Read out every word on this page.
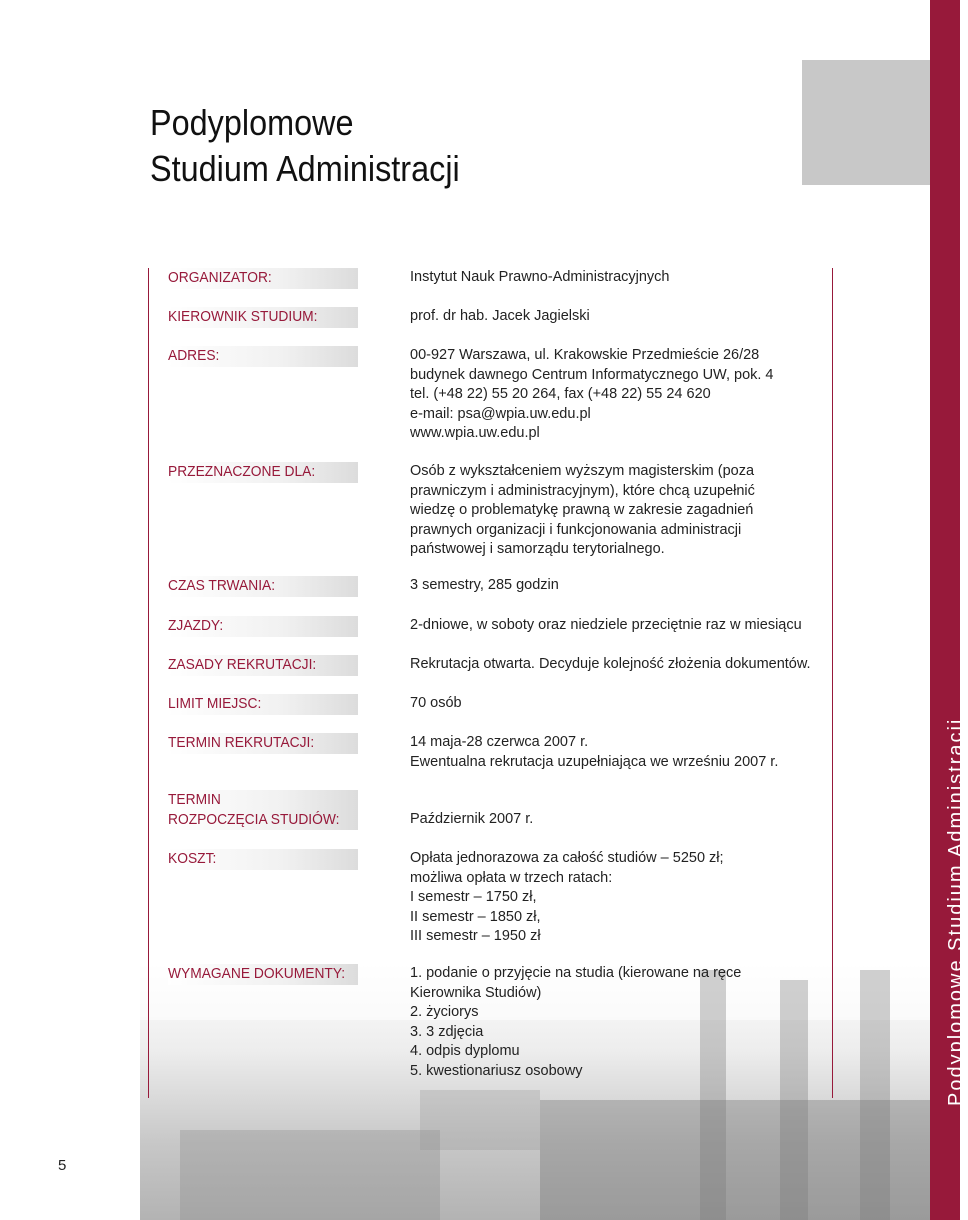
Podyplomowe Studium Administracji
Podyplomowe
Studium Administracji
ORGANIZATOR:	Instytut Nauk Prawno-Administracyjnych
KIEROWNIK STUDIUM:	prof. dr hab. Jacek Jagielski
ADRES:	00-927 Warszawa, ul. Krakowskie Przedmieście 26/28
budynek dawnego Centrum Informatycznego UW, pok. 4
tel. (+48 22) 55 20 264, fax (+48 22) 55 24 620
e-mail: psa@wpia.uw.edu.pl
www.wpia.uw.edu.pl
PRZEZNACZONE DLA:	Osób z wykształceniem wyższym magisterskim (poza
prawniczym i administracyjnym), które chcą uzupełnić
wiedzę o problematykę prawną w zakresie zagadnień
prawnych organizacji i funkcjonowania administracji
państwowej i samorządu terytorialnego.
CZAS TRWANIA:	3 semestry, 285 godzin
ZJAZDY:	2-dniowe, w soboty oraz niedziele przeciętnie raz w miesiącu
ZASADY REKRUTACJI:	Rekrutacja otwarta. Decyduje kolejność złożenia dokumentów.
LIMIT MIEJSC:	70 osób
TERMIN REKRUTACJI:	14 maja-28 czerwca 2007 r.
Ewentualna rekrutacja uzupełniająca we wrześniu 2007 r.
TERMIN
ROZPOCZĘCIA STUDIÓW:	Październik 2007 r.
KOSZT:	Opłata jednorazowa za całość studiów – 5250 zł;
możliwa opłata w trzech ratach:
I semestr – 1750 zł,
II semestr – 1850 zł,
III semestr – 1950 zł
WYMAGANE DOKUMENTY:	1. podanie o przyjęcie na studia (kierowane na ręce
Kierownika Studiów)
2. życiorys
3. 3 zdjęcia
4. odpis dyplomu
5. kwestionariusz osobowy
5
